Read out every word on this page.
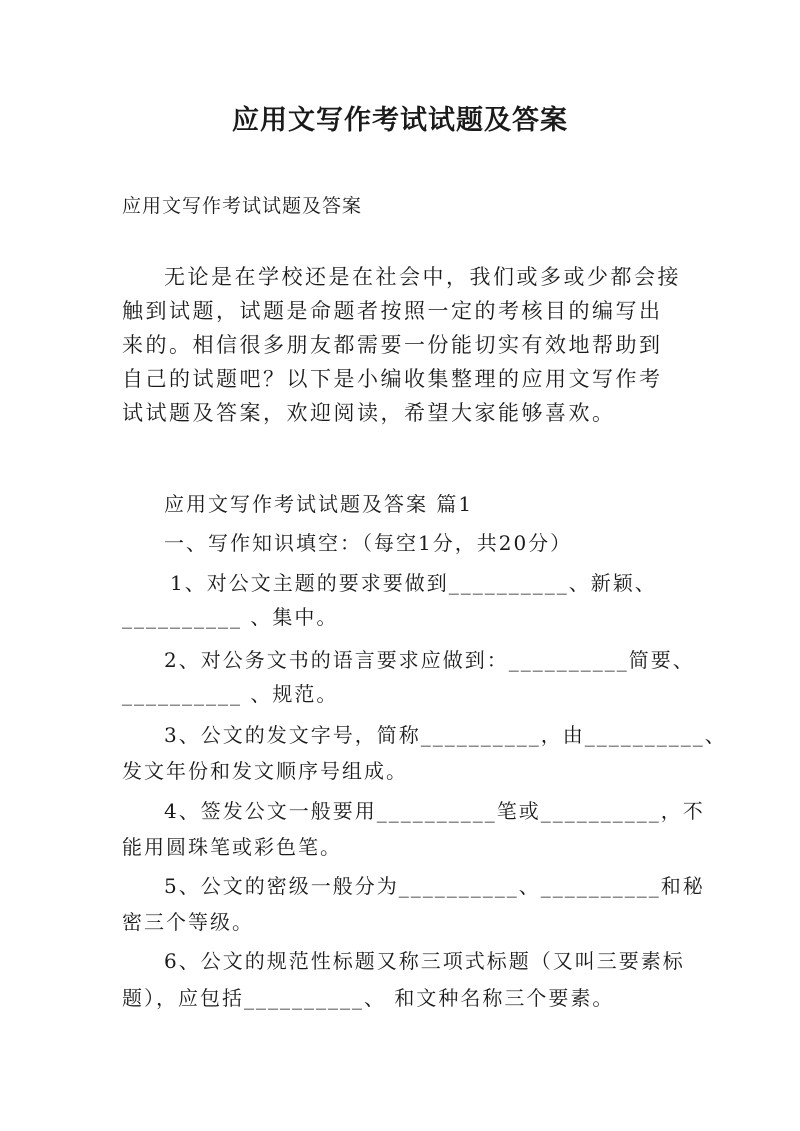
应用文写作考试试题及答案

应用文写作考试试题及答案

无论是在学校还是在社会中，我们或多或少都会接触到试题，试题是命题者按照一定的考核目的编写出来的。相信很多朋友都需要一份能切实有效地帮助到自己的试题吧？以下是小编收集整理的应用文写作考试试题及答案，欢迎阅读，希望大家能够喜欢。

应用文写作考试试题及答案 篇1

一、写作知识填空：（每空1分，共20分）

1、对公文主题的要求要做到__________、新颖、

__________ 、集中。

2、对公务文书的语言要求应做到：__________简要、

__________ 、规范。

3、公文的发文字号，简称__________，由__________、

发文年份和发文顺序号组成。

4、签发公文一般要用__________笔或__________，不

能用圆珠笔或彩色笔。

5、公文的密级一般分为__________、__________和秘

密三个等级。

6、公文的规范性标题又称三项式标题（又叫三要素标

题），应包括__________、 和文种名称三个要素。
